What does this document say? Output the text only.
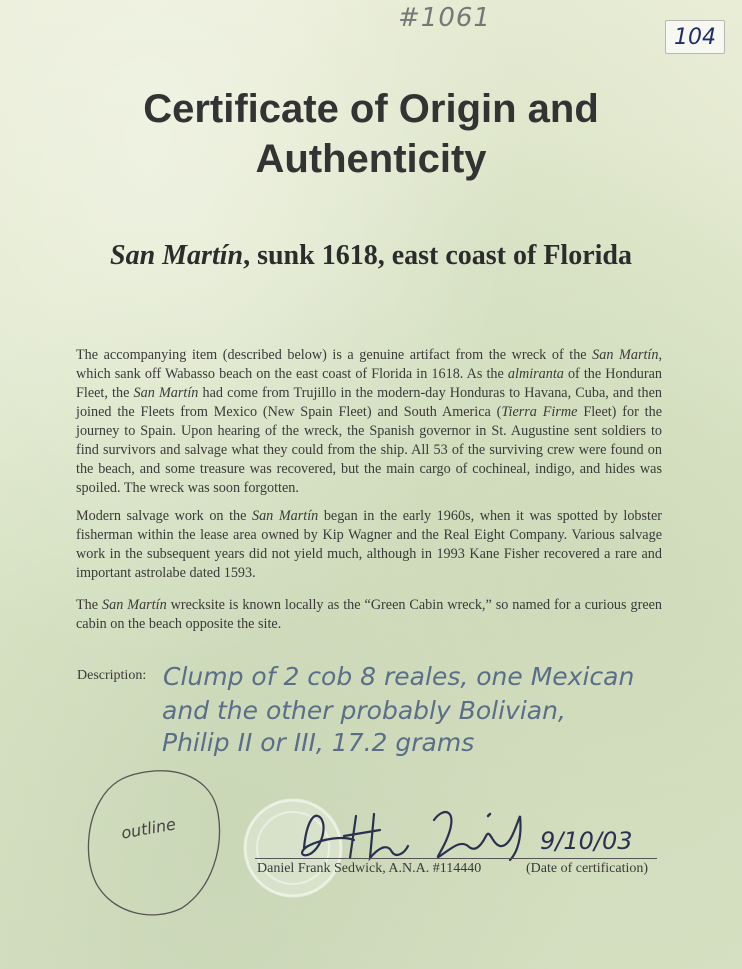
#1061
104
Certificate of Origin and
Authenticity
San Martín, sunk 1618, east coast of Florida

The accompanying item (described below) is a genuine artifact from the wreck of the San Martín, which sank off Wabasso beach on the east coast of Florida in 1618. As the almiranta of the Honduran Fleet, the San Martín had come from Trujillo in the modern-day Honduras to Havana, Cuba, and then joined the Fleets from Mexico (New Spain Fleet) and South America (Tierra Firme Fleet) for the journey to Spain. Upon hearing of the wreck, the Spanish governor in St. Augustine sent soldiers to find survivors and salvage what they could from the ship. All 53 of the surviving crew were found on the beach, and some treasure was recovered, but the main cargo of cochineal, indigo, and hides was spoiled. The wreck was soon forgotten.

Modern salvage work on the San Martín began in the early 1960s, when it was spotted by lobster fisherman within the lease area owned by Kip Wagner and the Real Eight Company. Various salvage work in the subsequent years did not yield much, although in 1993 Kane Fisher recovered a rare and important astrolabe dated 1593.

The San Martín wrecksite is known locally as the “Green Cabin wreck,” so named for a curious green cabin on the beach opposite the site.

Description: Clump of 2 cob 8 reales, one Mexican
and the other probably Bolivian,
Philip II or III, 17.2 grams
outline	9/10/03
Daniel Frank Sedwick, A.N.A. #114440	(Date of certification)
